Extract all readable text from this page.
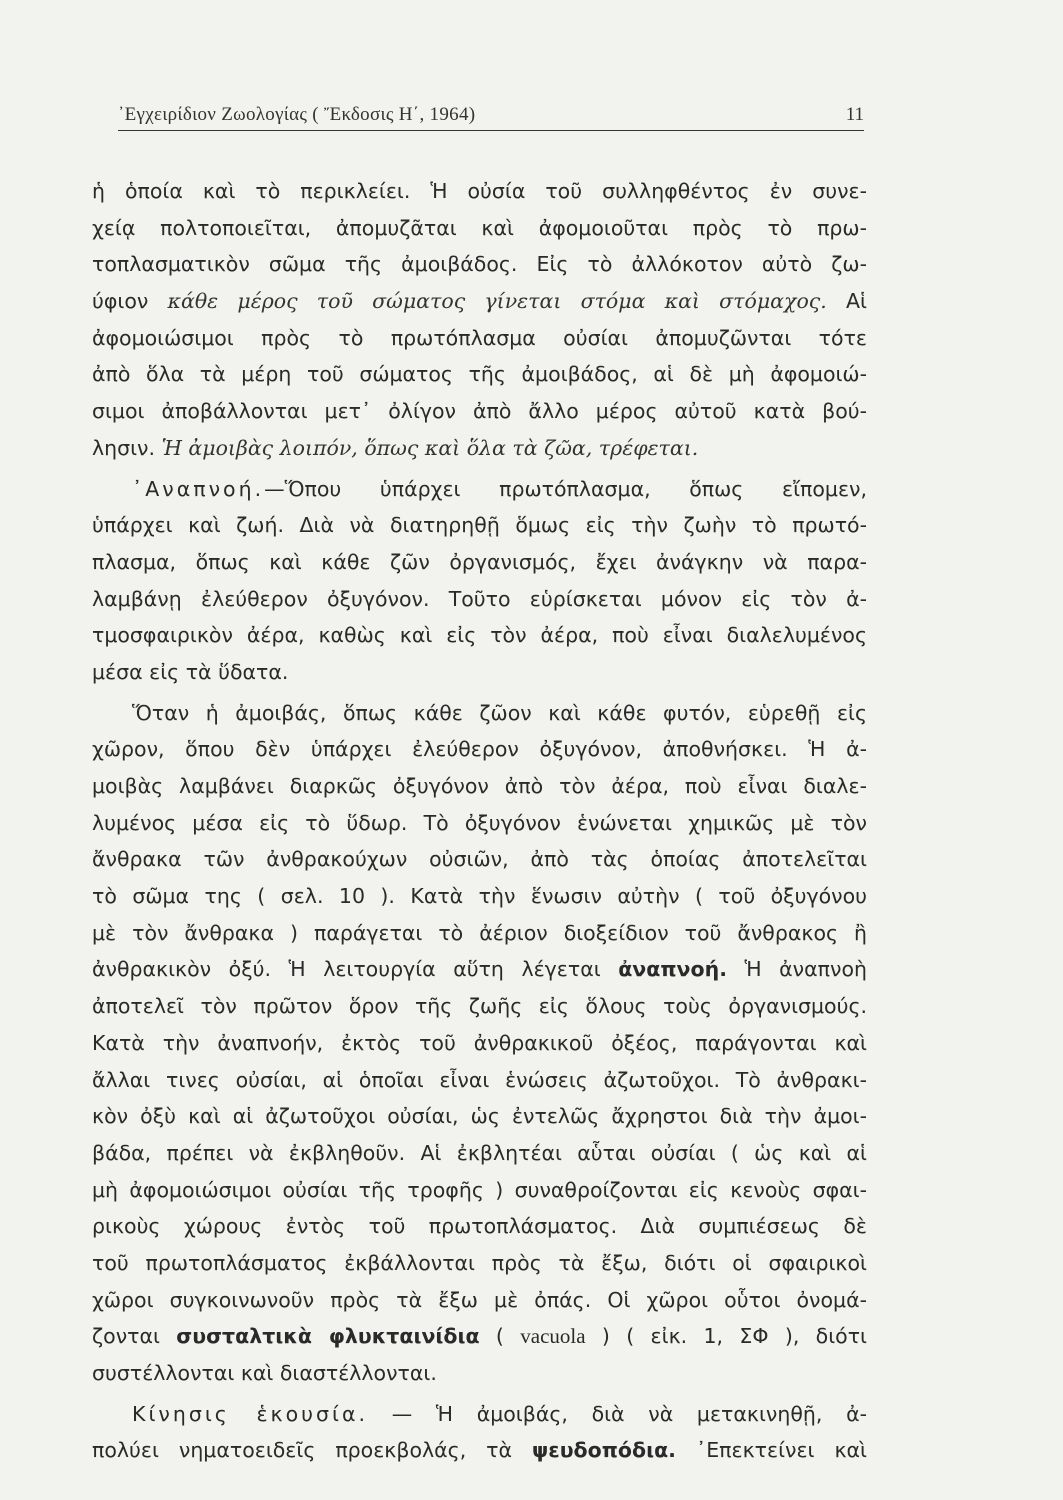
᾿Εγχειρίδιον Ζωολογίας ( Ἔκδοσις Η΄, 1964)	11
ἡ ὁποία καὶ τὸ περικλείει. Ἡ οὐσία τοῦ συλληφθέντος ἐν συνε-
χείᾳ πολτοποιεῖται, ἀπομυζᾶται καὶ ἀφομοιοῦται πρὸς τὸ πρω-
τοπλασματικὸν σῶμα τῆς ἀμοιβάδος. Εἰς τὸ ἀλλόκοτον αὐτὸ ζω-
ύφιον κάθε μέρος τοῦ σώματος γίνεται στόμα καὶ στόμαχος. Αἱ
ἀφομοιώσιμοι πρὸς τὸ πρωτόπλασμα οὐσίαι ἀπομυζῶνται τότε
ἀπὸ ὅλα τὰ μέρη τοῦ σώματος τῆς ἀμοιβάδος, αἱ δὲ μὴ ἀφομοιώ-
σιμοι ἀποβάλλονται μετ᾿ ὀλίγον ἀπὸ ἄλλο μέρος αὐτοῦ κατὰ βού-
λησιν. Ἡ ἀμοιβὰς λοιπόν, ὅπως καὶ ὅλα τὰ ζῶα, τρέφεται.
᾿Αναπνοή.—Ὅπου ὑπάρχει πρωτόπλασμα, ὅπως εἴπομεν,
ὑπάρχει καὶ ζωή. Διὰ νὰ διατηρηθῇ ὅμως εἰς τὴν ζωὴν τὸ πρωτό-
πλασμα, ὅπως καὶ κάθε ζῶν ὀργανισμός, ἔχει ἀνάγκην νὰ παρα-
λαμβάνῃ ἐλεύθερον ὀξυγόνον. Τοῦτο εὑρίσκεται μόνον εἰς τὸν ἀ-
τμοσφαιρικὸν ἀέρα, καθὼς καὶ εἰς τὸν ἀέρα, ποὺ εἶναι διαλελυμένος
μέσα εἰς τὰ ὕδατα.
Ὅταν ἡ ἀμοιβάς, ὅπως κάθε ζῶον καὶ κάθε φυτόν, εὑρεθῇ εἰς
χῶρον, ὅπου δὲν ὑπάρχει ἐλεύθερον ὀξυγόνον, ἀποθνήσκει. Ἡ ἀ-
μοιβὰς λαμβάνει διαρκῶς ὀξυγόνον ἀπὸ τὸν ἀέρα, ποὺ εἶναι διαλε-
λυμένος μέσα εἰς τὸ ὕδωρ. Τὸ ὀξυγόνον ἑνώνεται χημικῶς μὲ τὸν
ἄνθρακα τῶν ἀνθρακούχων οὐσιῶν, ἀπὸ τὰς ὁποίας ἀποτελεῖται
τὸ σῶμα της ( σελ. 10 ). Κατὰ τὴν ἕνωσιν αὐτὴν ( τοῦ ὀξυγόνου
μὲ τὸν ἄνθρακα ) παράγεται τὸ ἀέριον διοξείδιον τοῦ ἄνθρακος ἢ
ἀνθρακικὸν ὀξύ. Ἡ λειτουργία αὕτη λέγεται ἀναπνοή. Ἡ ἀναπνοὴ
ἀποτελεῖ τὸν πρῶτον ὅρον τῆς ζωῆς εἰς ὅλους τοὺς ὀργανισμούς.
Κατὰ τὴν ἀναπνοήν, ἐκτὸς τοῦ ἀνθρακικοῦ ὀξέος, παράγονται καὶ
ἄλλαι τινες οὐσίαι, αἱ ὁποῖαι εἶναι ἑνώσεις ἀζωτοῦχοι. Τὸ ἀνθρακι-
κὸν ὀξὺ καὶ αἱ ἀζωτοῦχοι οὐσίαι, ὡς ἐντελῶς ἄχρηστοι διὰ τὴν ἀμοι-
βάδα, πρέπει νὰ ἐκβληθοῦν. Αἱ ἐκβλητέαι αὗται οὐσίαι ( ὡς καὶ αἱ
μὴ ἀφομοιώσιμοι οὐσίαι τῆς τροφῆς ) συναθροίζονται εἰς κενοὺς σφαι-
ρικοὺς χώρους ἐντὸς τοῦ πρωτοπλάσματος. Διὰ συμπιέσεως δὲ
τοῦ πρωτοπλάσματος ἐκβάλλονται πρὸς τὰ ἔξω, διότι οἱ σφαιρικοὶ
χῶροι συγκοινωνοῦν πρὸς τὰ ἔξω μὲ ὀπάς. Οἱ χῶροι οὗτοι ὀνομά-
ζονται συσταλτικὰ φλυκταινίδια ( vacuola ) ( εἰκ. 1, ΣΦ ), διότι
συστέλλονται καὶ διαστέλλονται.
Κίνησις ἑκουσία. — Ἡ ἀμοιβάς, διὰ νὰ μετακινηθῇ, ἀ-
πολύει νηματοειδεῖς προεκβολάς, τὰ ψευδοπόδια. ᾿Επεκτείνει καὶ
